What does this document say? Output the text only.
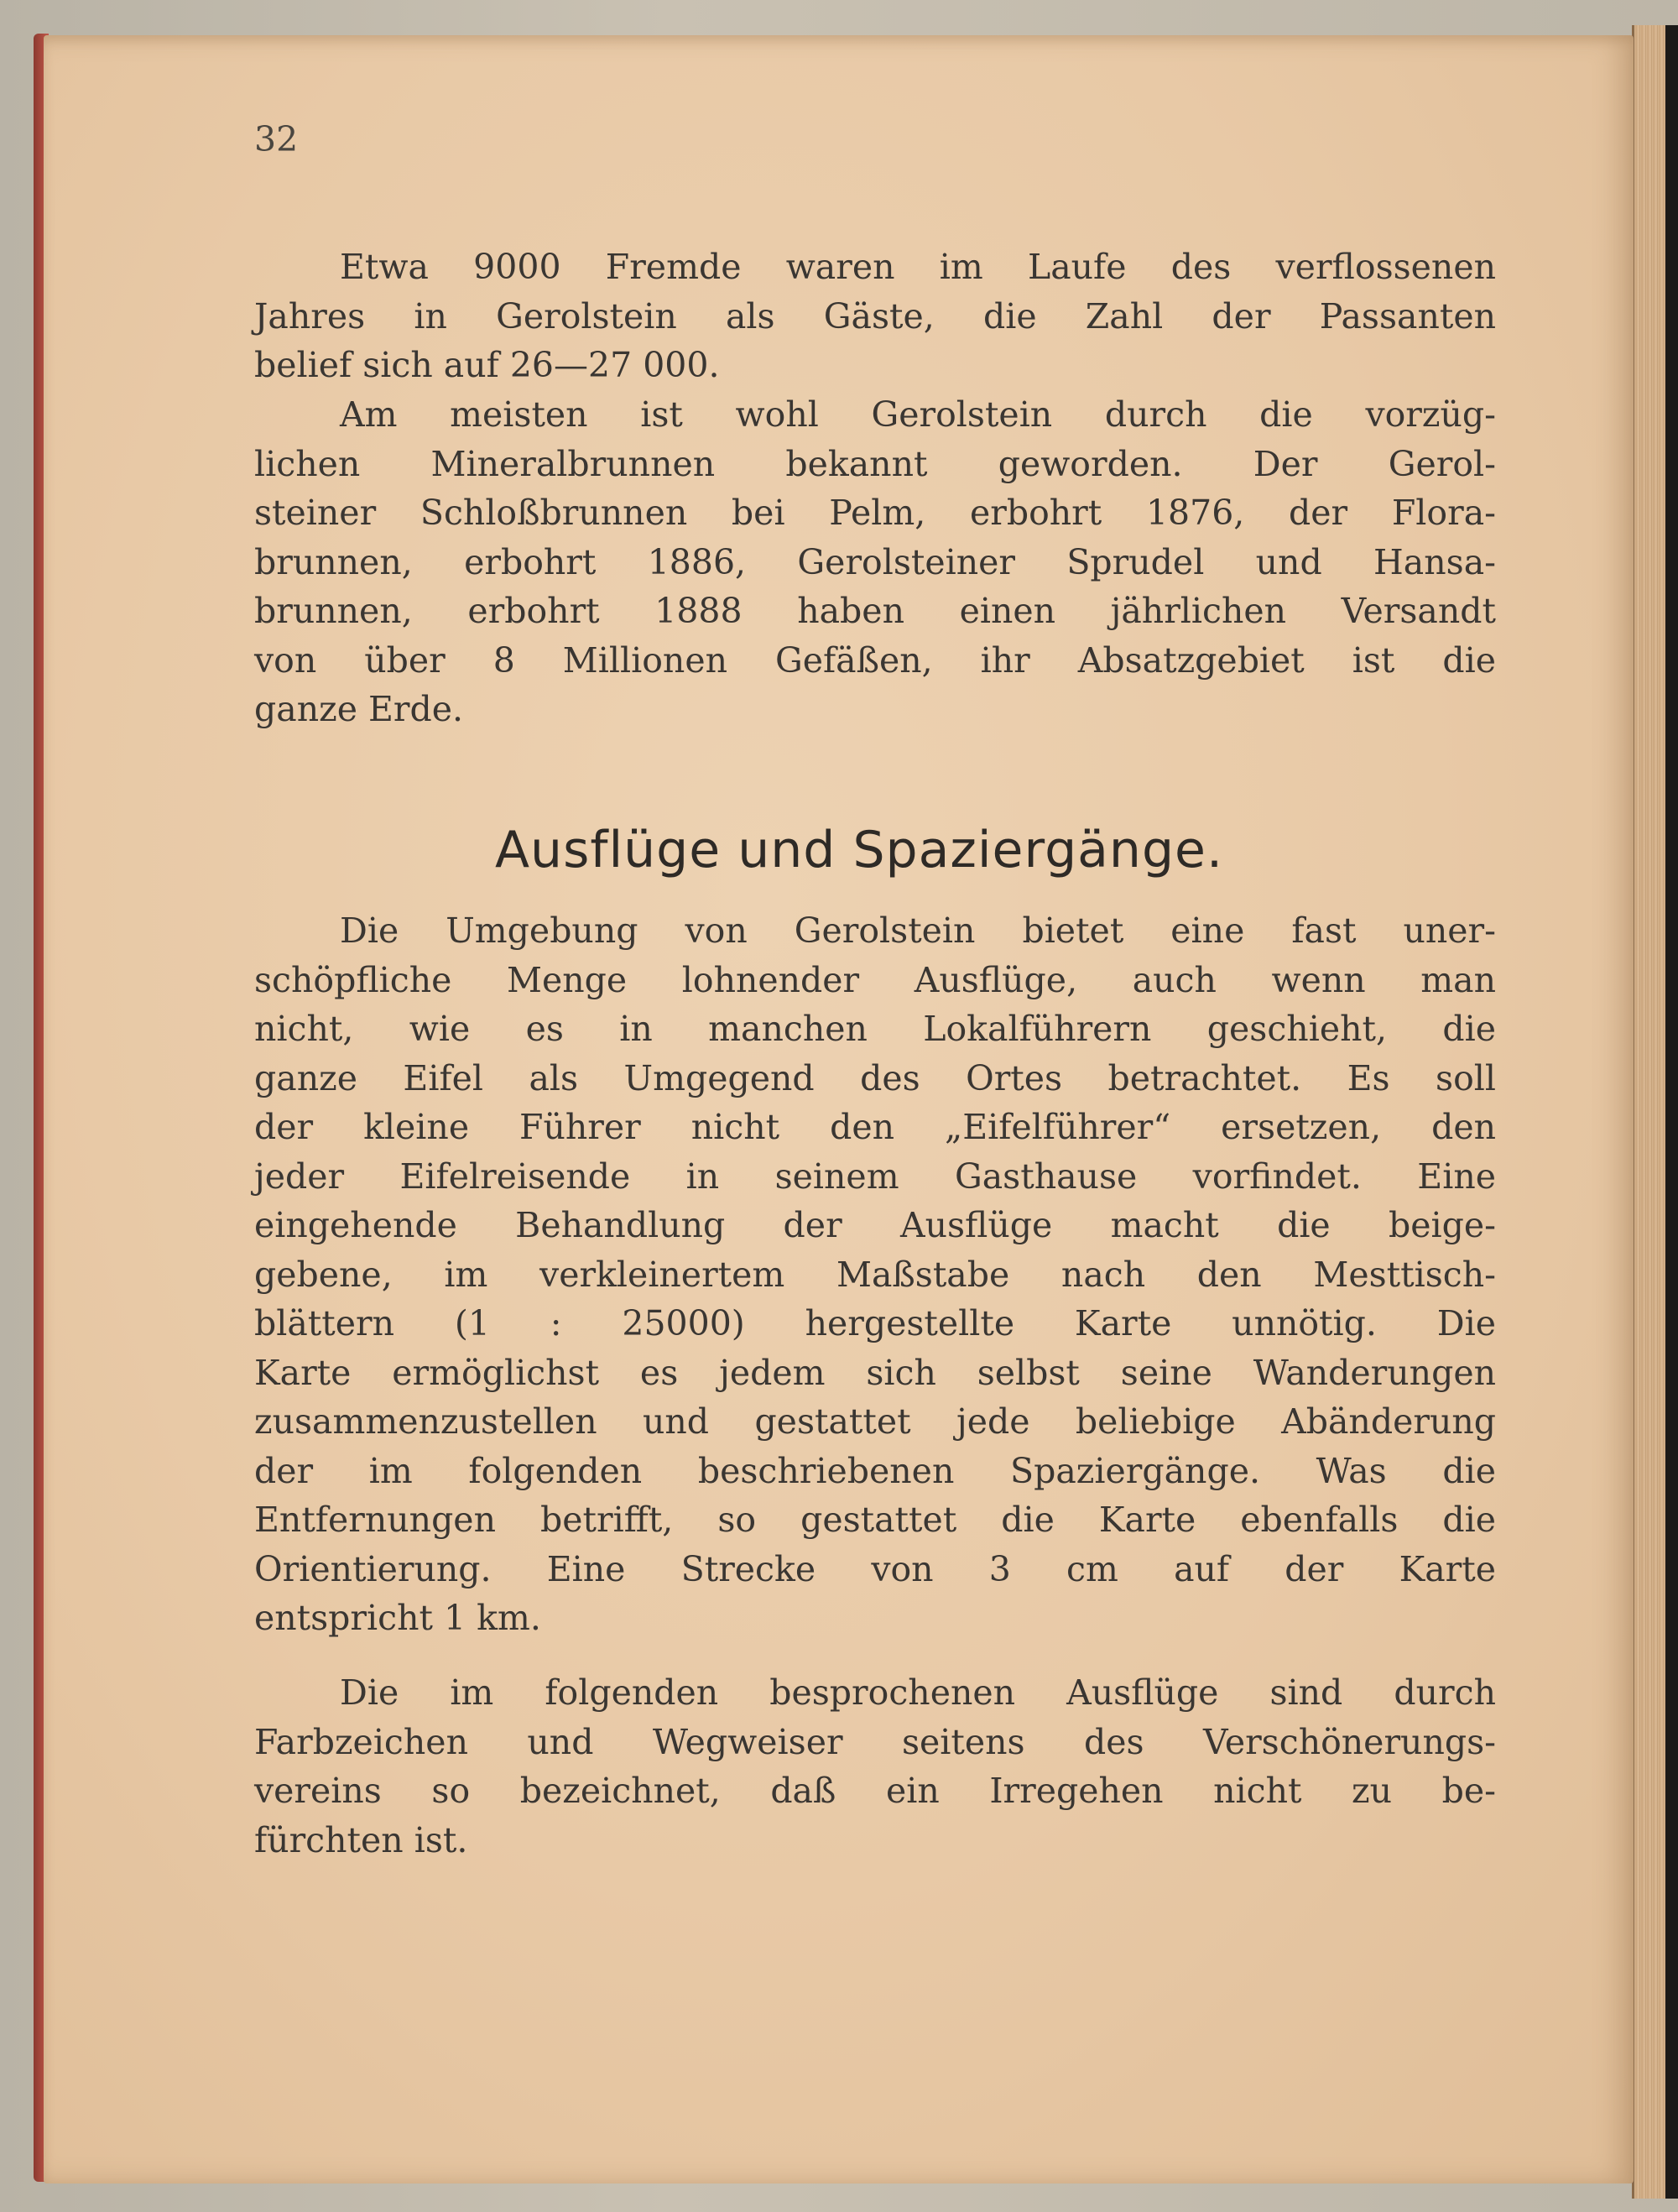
32
Etwa 9000 Fremde waren im Laufe des verflossenen
Jahres in Gerolstein als Gäste, die Zahl der Passanten
belief sich auf 26—27 000.
Am meisten ist wohl Gerolstein durch die vorzüg-
lichen Mineralbrunnen bekannt geworden. Der Gerol-
steiner Schloßbrunnen bei Pelm, erbohrt 1876, der Flora-
brunnen, erbohrt 1886, Gerolsteiner Sprudel und Hansa-
brunnen, erbohrt 1888 haben einen jährlichen Versandt
von über 8 Millionen Gefäßen, ihr Absatzgebiet ist die
ganze Erde.
Ausflüge und Spaziergänge.
Die Umgebung von Gerolstein bietet eine fast uner-
schöpfliche Menge lohnender Ausflüge, auch wenn man
nicht, wie es in manchen Lokalführern geschieht, die
ganze Eifel als Umgegend des Ortes betrachtet. Es soll
der kleine Führer nicht den „Eifelführer“ ersetzen, den
jeder Eifelreisende in seinem Gasthause vorfindet. Eine
eingehende Behandlung der Ausflüge macht die beige-
gebene, im verkleinertem Maßstabe nach den Mesttisch-
blättern (1 : 25000) hergestellte Karte unnötig. Die
Karte ermöglichst es jedem sich selbst seine Wanderungen
zusammenzustellen und gestattet jede beliebige Abänderung
der im folgenden beschriebenen Spaziergänge. Was die
Entfernungen betrifft, so gestattet die Karte ebenfalls die
Orientierung. Eine Strecke von 3 cm auf der Karte
entspricht 1 km.
Die im folgenden besprochenen Ausflüge sind durch
Farbzeichen und Wegweiser seitens des Verschönerungs-
vereins so bezeichnet, daß ein Irregehen nicht zu be-
fürchten ist.
